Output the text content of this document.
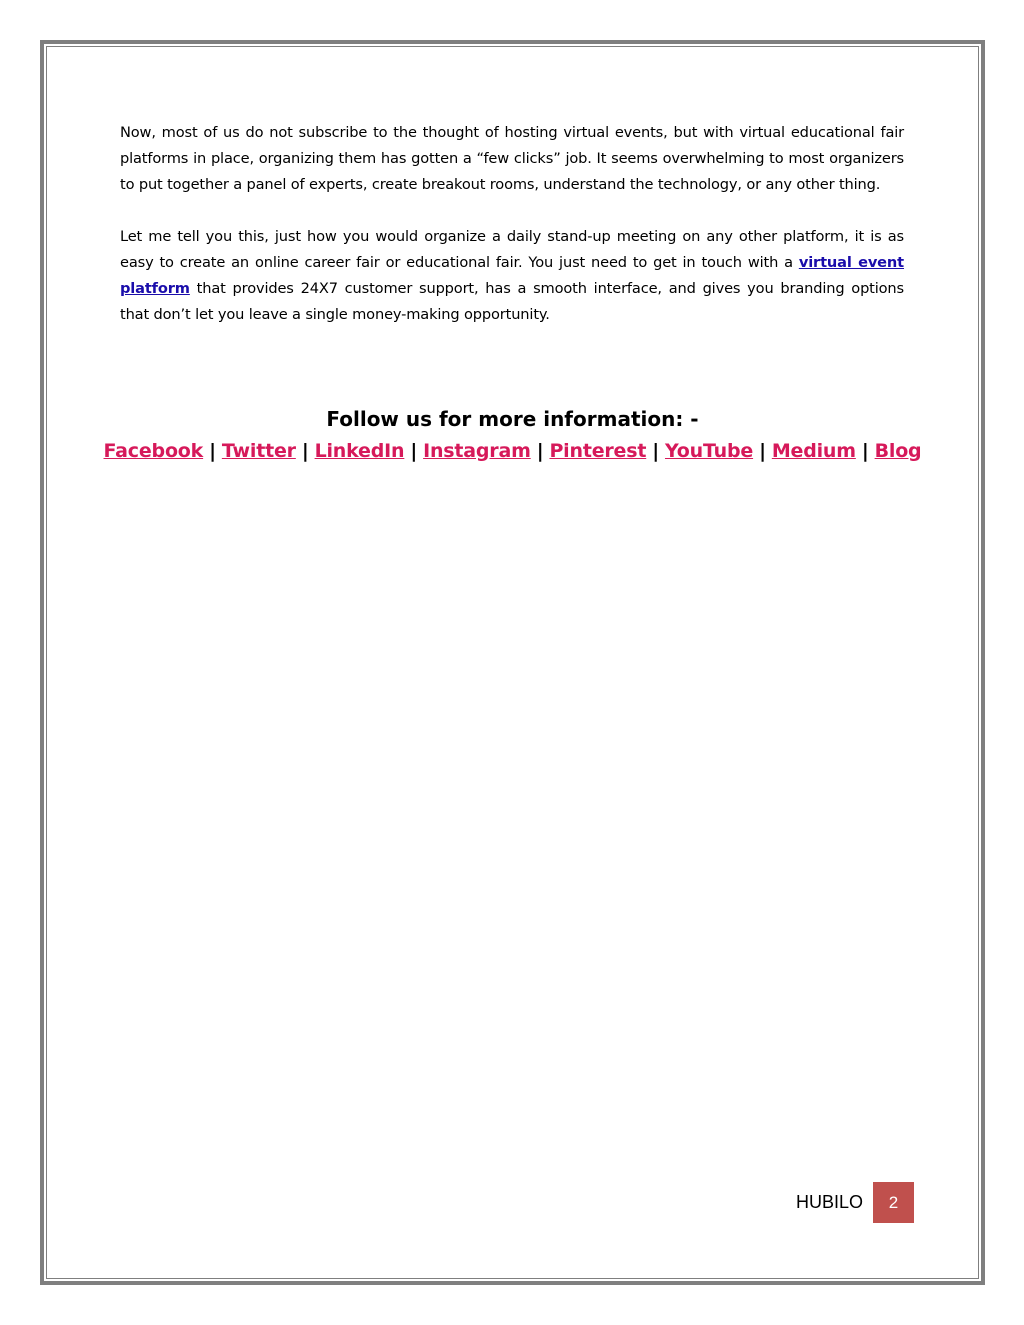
Now, most of us do not subscribe to the thought of hosting virtual events, but with virtual educational fair platforms in place, organizing them has gotten a “few clicks” job. It seems overwhelming to most organizers to put together a panel of experts, create breakout rooms, understand the technology, or any other thing.

Let me tell you this, just how you would organize a daily stand-up meeting on any other platform, it is as easy to create an online career fair or educational fair. You just need to get in touch with a virtual event platform that provides 24X7 customer support, has a smooth interface, and gives you branding options that don’t let you leave a single money-making opportunity.

Follow us for more information: -

Facebook | Twitter | LinkedIn | Instagram | Pinterest | YouTube | Medium | Blog
HUBILO	2
